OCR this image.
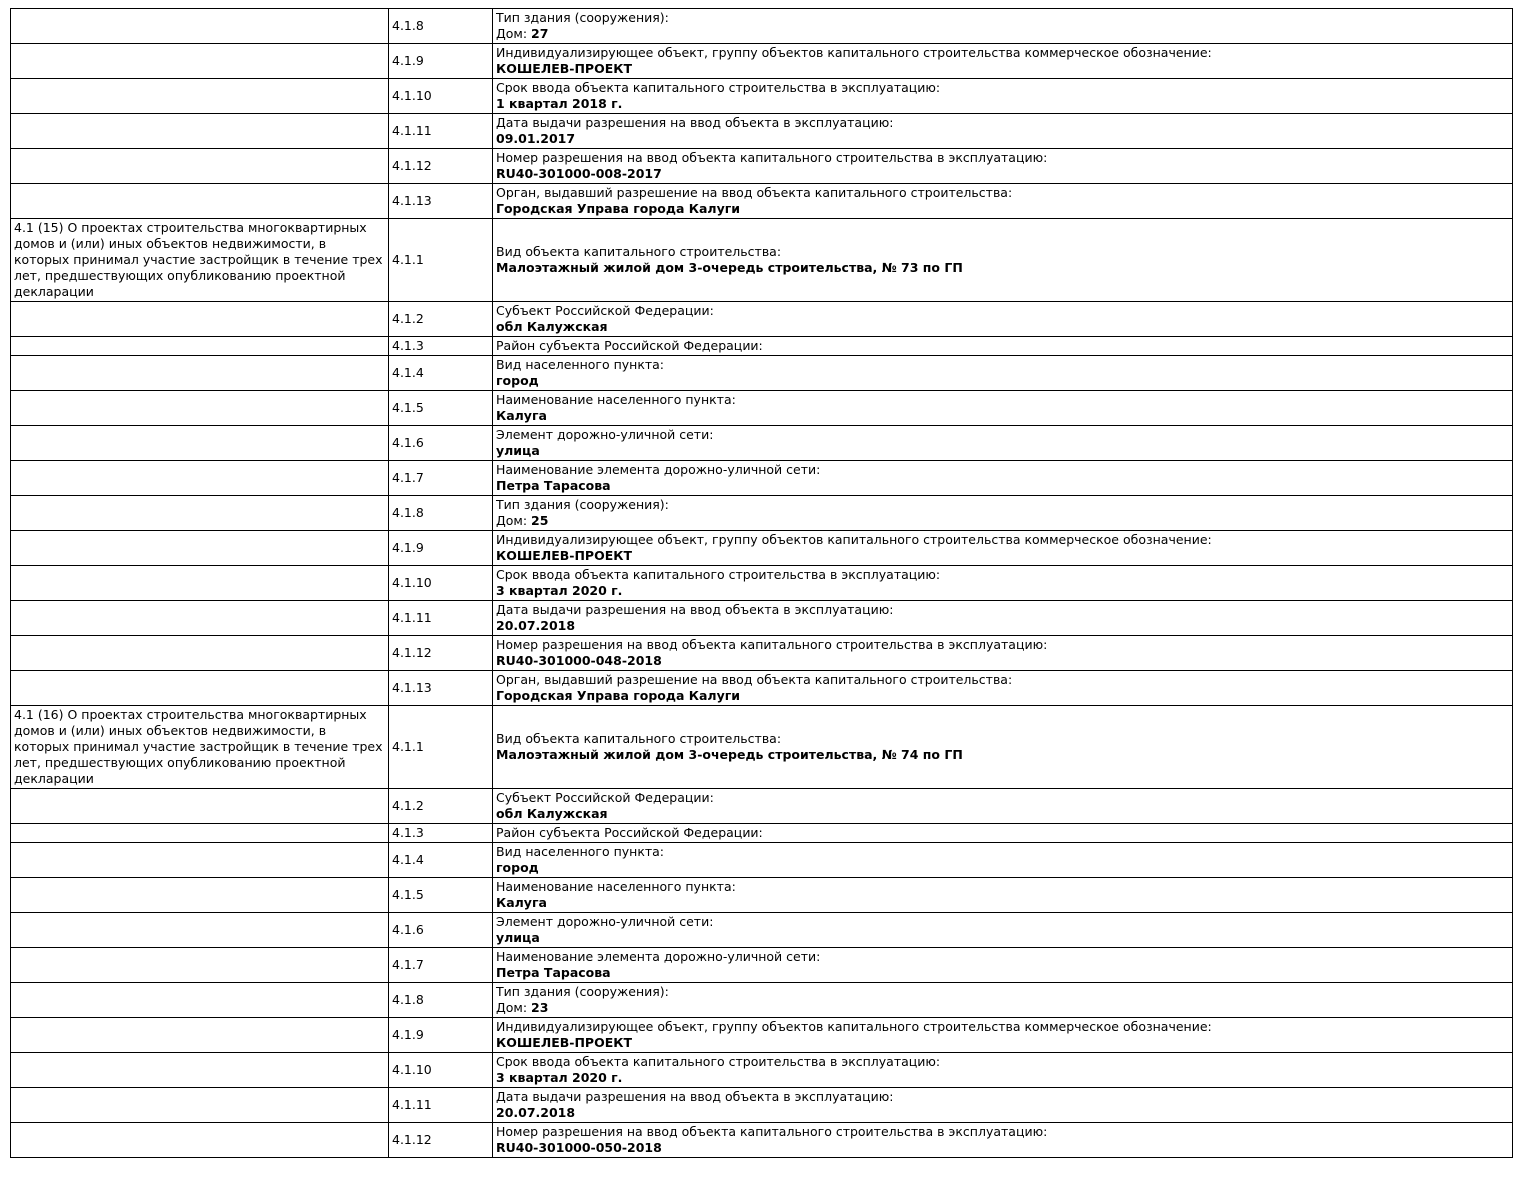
	4.1.8	Тип здания (сооружения):
Дом: 27

	4.1.9	Индивидуализирующее объект, группу объектов капитального строительства коммерческое обозначение:
КОШЕЛЕВ-ПРОЕКТ

	4.1.10	Срок ввода объекта капитального строительства в эксплуатацию:
1 квартал 2018 г.

	4.1.11	Дата выдачи разрешения на ввод объекта в эксплуатацию:
09.01.2017

	4.1.12	Номер разрешения на ввод объекта капитального строительства в эксплуатацию:
RU40-301000-008-2017

	4.1.13	Орган, выдавший разрешение на ввод объекта капитального строительства:
Городская Управа города Калуги

4.1 (15) О проектах строительства многоквартирных домов и (или) иных объектов недвижимости, в которых принимал участие застройщик в течение трех лет, предшествующих опубликованию проектной декларации	4.1.1	Вид объекта капитального строительства:
Малоэтажный жилой дом 3-очередь строительства, № 73 по ГП

	4.1.2	Субъект Российской Федерации:
обл Калужская

	4.1.3	Район субъекта Российской Федерации:

	4.1.4	Вид населенного пункта:
город

	4.1.5	Наименование населенного пункта:
Калуга

	4.1.6	Элемент дорожно-уличной сети:
улица

	4.1.7	Наименование элемента дорожно-уличной сети:
Петра Тарасова

	4.1.8	Тип здания (сооружения):
Дом: 25

	4.1.9	Индивидуализирующее объект, группу объектов капитального строительства коммерческое обозначение:
КОШЕЛЕВ-ПРОЕКТ

	4.1.10	Срок ввода объекта капитального строительства в эксплуатацию:
3 квартал 2020 г.

	4.1.11	Дата выдачи разрешения на ввод объекта в эксплуатацию:
20.07.2018

	4.1.12	Номер разрешения на ввод объекта капитального строительства в эксплуатацию:
RU40-301000-048-2018

	4.1.13	Орган, выдавший разрешение на ввод объекта капитального строительства:
Городская Управа города Калуги

4.1 (16) О проектах строительства многоквартирных домов и (или) иных объектов недвижимости, в которых принимал участие застройщик в течение трех лет, предшествующих опубликованию проектной декларации	4.1.1	Вид объекта капитального строительства:
Малоэтажный жилой дом 3-очередь строительства, № 74 по ГП

	4.1.2	Субъект Российской Федерации:
обл Калужская

	4.1.3	Район субъекта Российской Федерации:

	4.1.4	Вид населенного пункта:
город

	4.1.5	Наименование населенного пункта:
Калуга

	4.1.6	Элемент дорожно-уличной сети:
улица

	4.1.7	Наименование элемента дорожно-уличной сети:
Петра Тарасова

	4.1.8	Тип здания (сооружения):
Дом: 23

	4.1.9	Индивидуализирующее объект, группу объектов капитального строительства коммерческое обозначение:
КОШЕЛЕВ-ПРОЕКТ

	4.1.10	Срок ввода объекта капитального строительства в эксплуатацию:
3 квартал 2020 г.

	4.1.11	Дата выдачи разрешения на ввод объекта в эксплуатацию:
20.07.2018

	4.1.12	Номер разрешения на ввод объекта капитального строительства в эксплуатацию:
RU40-301000-050-2018
